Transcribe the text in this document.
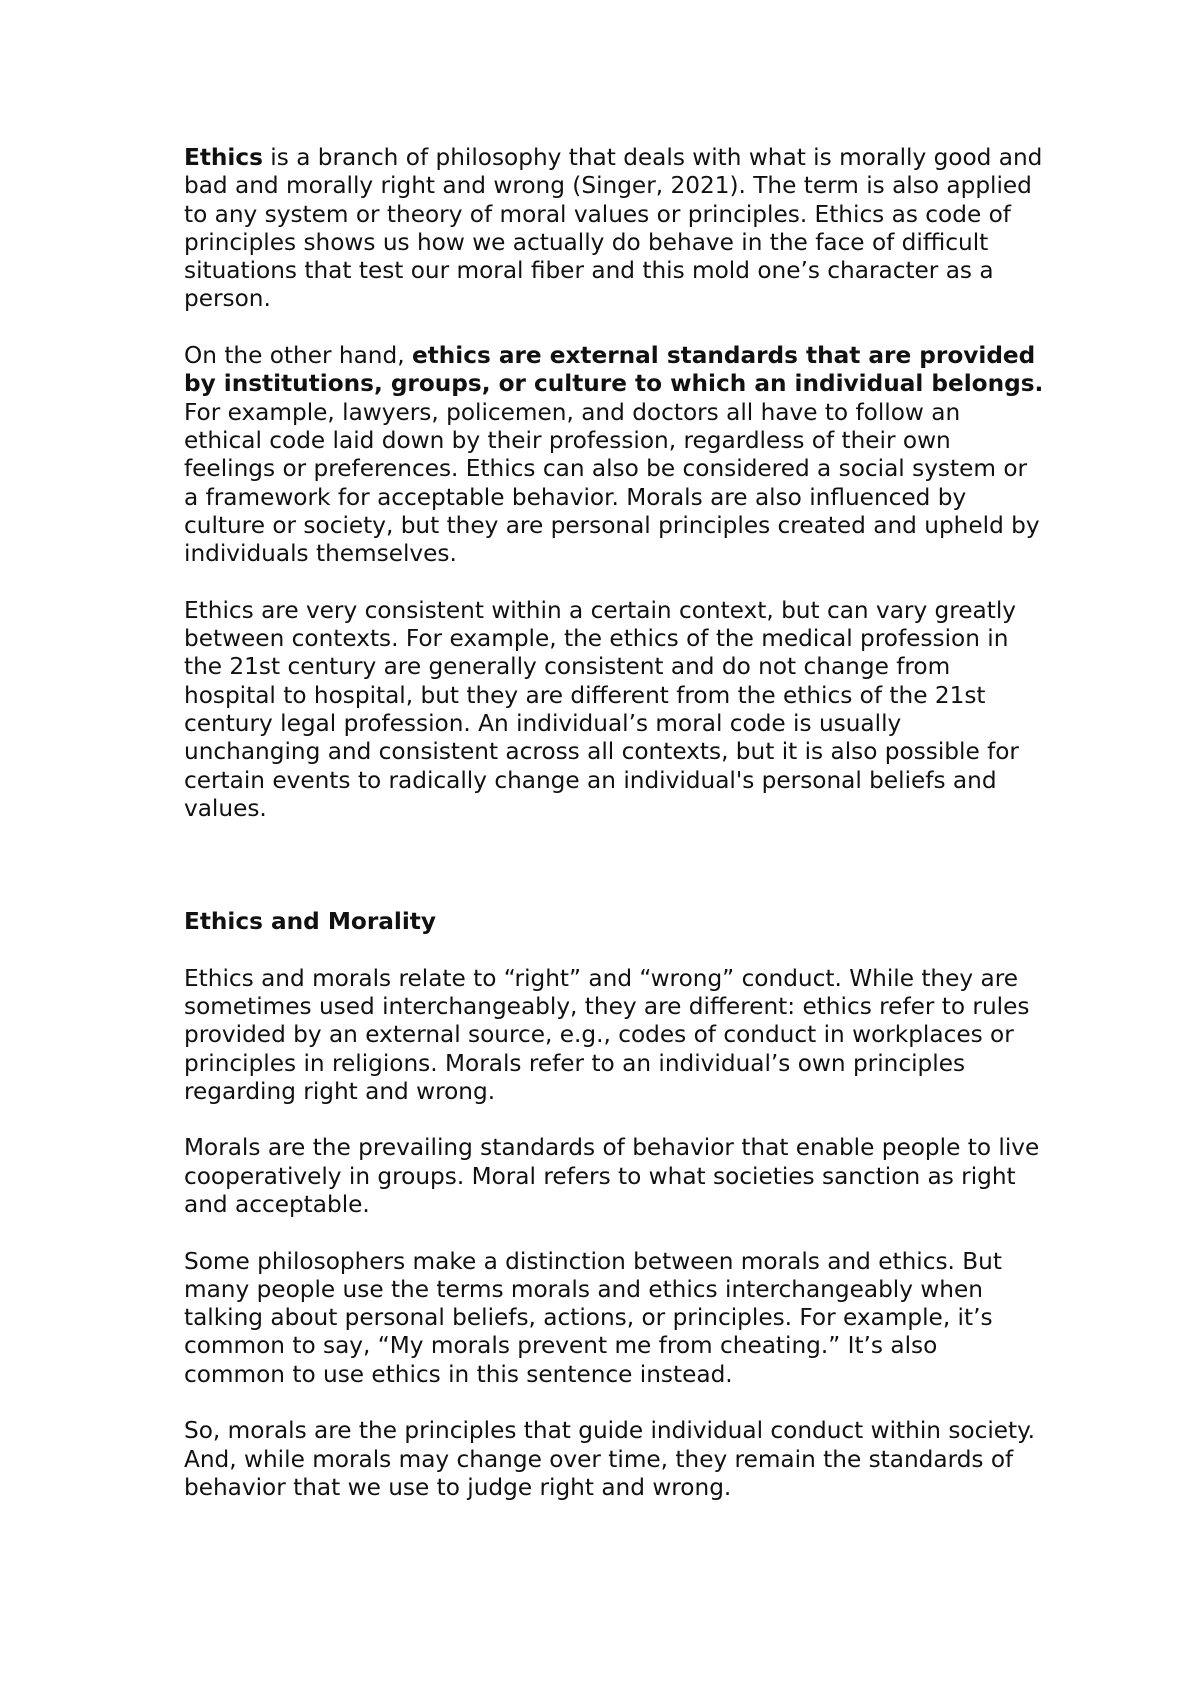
Ethics is a branch of philosophy that deals with what is morally good and bad and morally right and wrong (Singer, 2021). The term is also applied to any system or theory of moral values or principles. Ethics as code of principles shows us how we actually do behave in the face of difficult situations that test our moral fiber and this mold one’s character as a person.

On the other hand, ethics are external standards that are provided by institutions, groups, or culture to which an individual belongs. For example, lawyers, policemen, and doctors all have to follow an ethical code laid down by their profession, regardless of their own feelings or preferences. Ethics can also be considered a social system or a framework for acceptable behavior. Morals are also influenced by culture or society, but they are personal principles created and upheld by individuals themselves.

Ethics are very consistent within a certain context, but can vary greatly between contexts. For example, the ethics of the medical profession in the 21st century are generally consistent and do not change from hospital to hospital, but they are different from the ethics of the 21st century legal profession. An individual’s moral code is usually unchanging and consistent across all contexts, but it is also possible for certain events to radically change an individual's personal beliefs and values.

Ethics and Morality

Ethics and morals relate to “right” and “wrong” conduct. While they are sometimes used interchangeably, they are different: ethics refer to rules provided by an external source, e.g., codes of conduct in workplaces or principles in religions. Morals refer to an individual’s own principles regarding right and wrong.

Morals are the prevailing standards of behavior that enable people to live cooperatively in groups. Moral refers to what societies sanction as right and acceptable.

Some philosophers make a distinction between morals and ethics. But many people use the terms morals and ethics interchangeably when talking about personal beliefs, actions, or principles. For example, it’s common to say, “My morals prevent me from cheating.” It’s also common to use ethics in this sentence instead.

So, morals are the principles that guide individual conduct within society. And, while morals may change over time, they remain the standards of behavior that we use to judge right and wrong.
